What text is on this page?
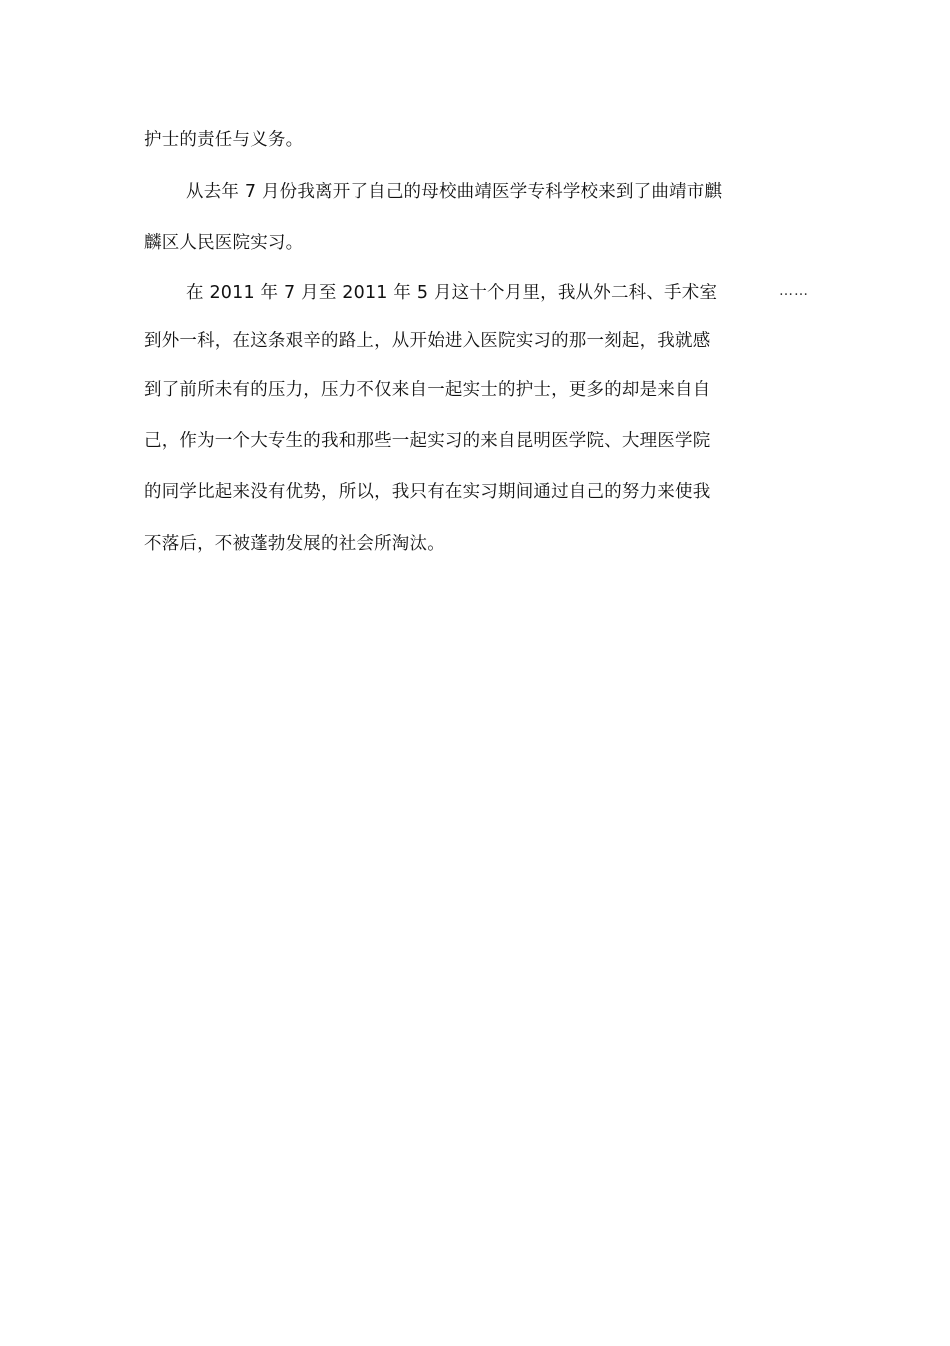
护士的责任与义务。
从去年 7 月份我离开了自己的母校曲靖医学专科学校来到了曲靖市麒
麟区人民医院实习。
在 2011 年 7 月至 2011 年 5 月这十个月里，我从外二科、手术室	……
到外一科，在这条艰辛的路上，从开始进入医院实习的那一刻起，我就感
到了前所未有的压力，压力不仅来自一起实士的护士，更多的却是来自自
己，作为一个大专生的我和那些一起实习的来自昆明医学院、大理医学院
的同学比起来没有优势，所以，我只有在实习期间通过自己的努力来使我
不落后，不被蓬勃发展的社会所淘汰。
